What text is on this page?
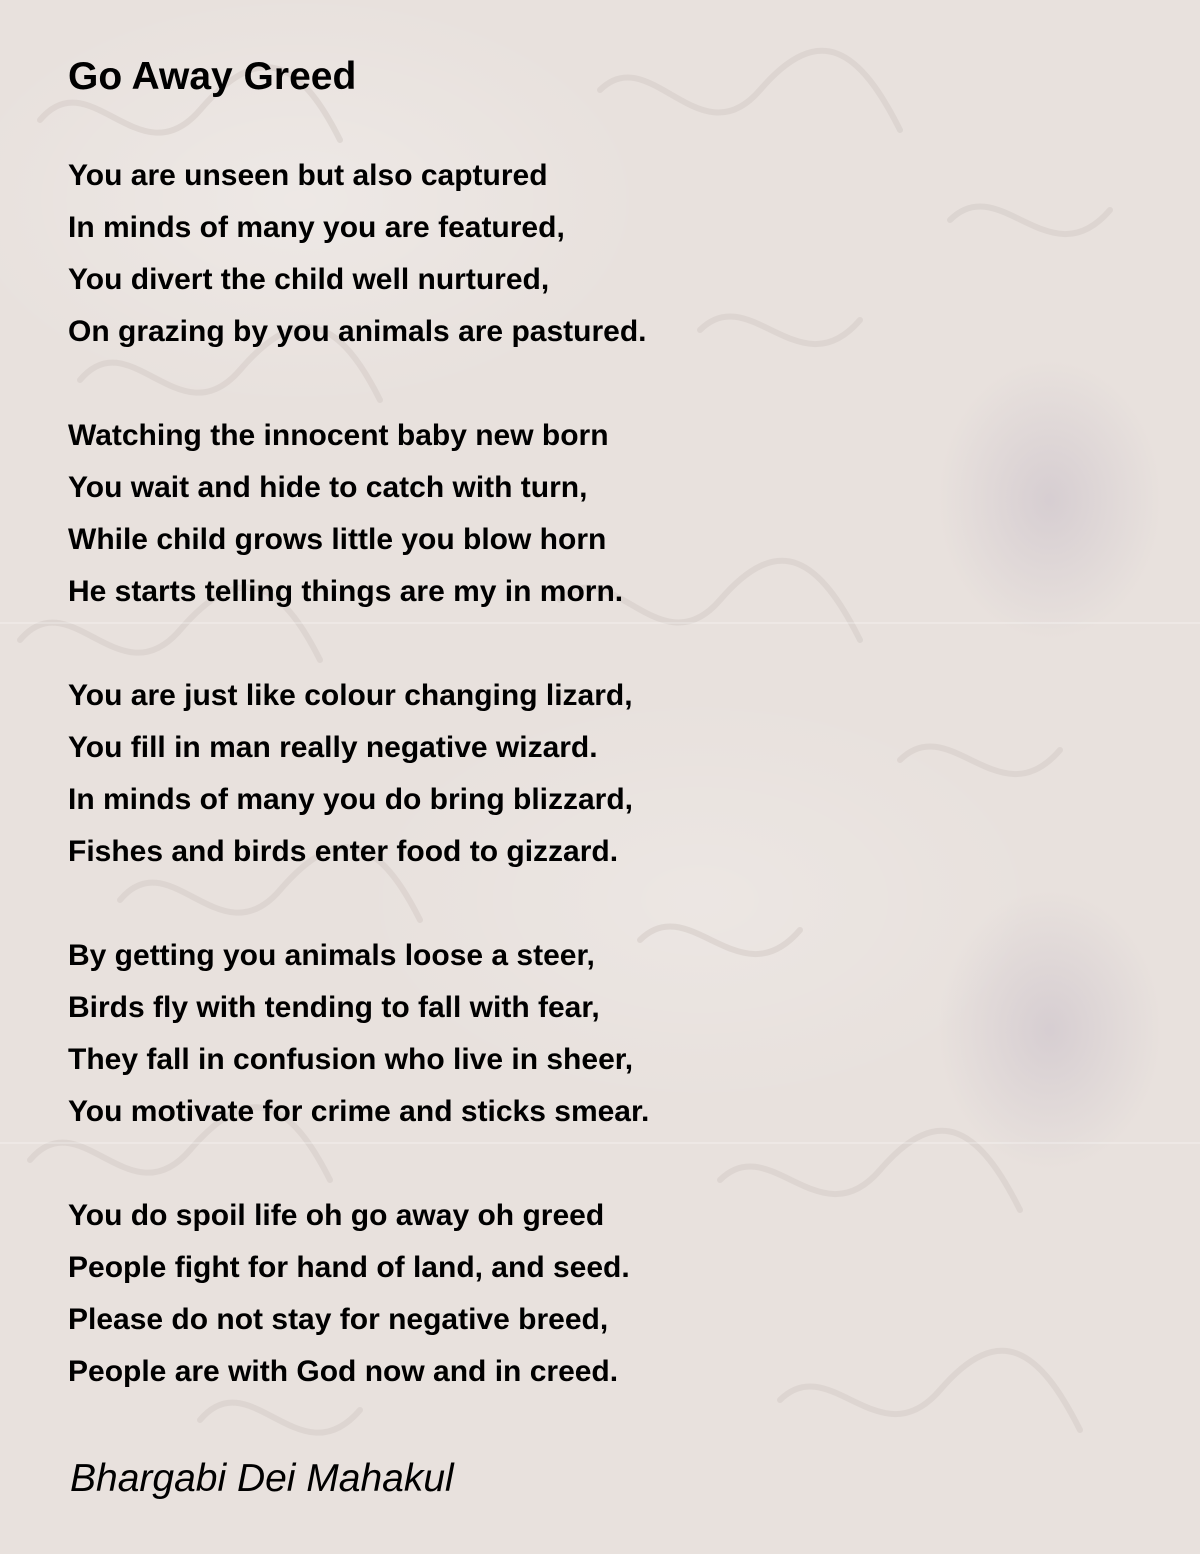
Go Away Greed
You are unseen but also captured
In minds of many you are featured,
You divert the child well nurtured,
On grazing by you animals are pastured.
Watching the innocent baby new born
You wait and hide to catch with turn,
While child grows little you blow horn
He starts telling things are my in morn.
You are just like colour changing lizard,
You fill in man really negative wizard.
In minds of many you do bring blizzard,
Fishes and birds enter food to gizzard.
By getting you animals loose a steer,
Birds fly with tending to fall with fear,
They fall in confusion who live in sheer,
You motivate for crime and sticks smear.
You do spoil life oh go away oh greed
People fight for hand of land, and seed.
Please do not stay for negative breed,
People are with God now and in creed.

Bhargabi Dei Mahakul
